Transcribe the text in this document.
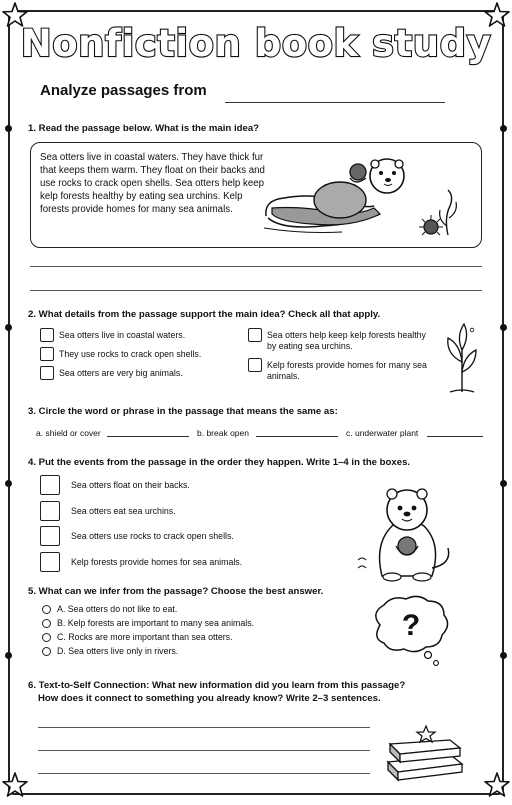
Nonfiction book study
Analyze passages from
1. Read the passage below. What is the main idea?
Sea otters live in coastal waters. They have thick fur that keeps them warm. They float on their backs and use rocks to crack open shells. Sea otters help keep kelp forests healthy by eating sea urchins. Kelp forests provide homes for many sea animals.
2. What details from the passage support the main idea? Check all that apply.
Sea otters live in coastal waters.
They use rocks to crack open shells.
Sea otters are very big animals.
Sea otters help keep kelp forests healthy by eating sea urchins.
Kelp forests provide homes for many sea animals.
3. Circle the word or phrase in the passage that means the same as:
a. shield or cover	b. break open	c. underwater plant
4. Put the events from the passage in the order they happen. Write 1–4 in the boxes.
Sea otters float on their backs.
Sea otters eat sea urchins.
Sea otters use rocks to crack open shells.
Kelp forests provide homes for sea animals.
5. What can we infer from the passage? Choose the best answer.
A. Sea otters do not like to eat.
B. Kelp forests are important to many sea animals.
C. Rocks are more important than sea otters.
D. Sea otters live only in rivers.
?
6. Text-to-Self Connection: What new information did you learn from this passage?
How does it connect to something you already know? Write 2–3 sentences.
